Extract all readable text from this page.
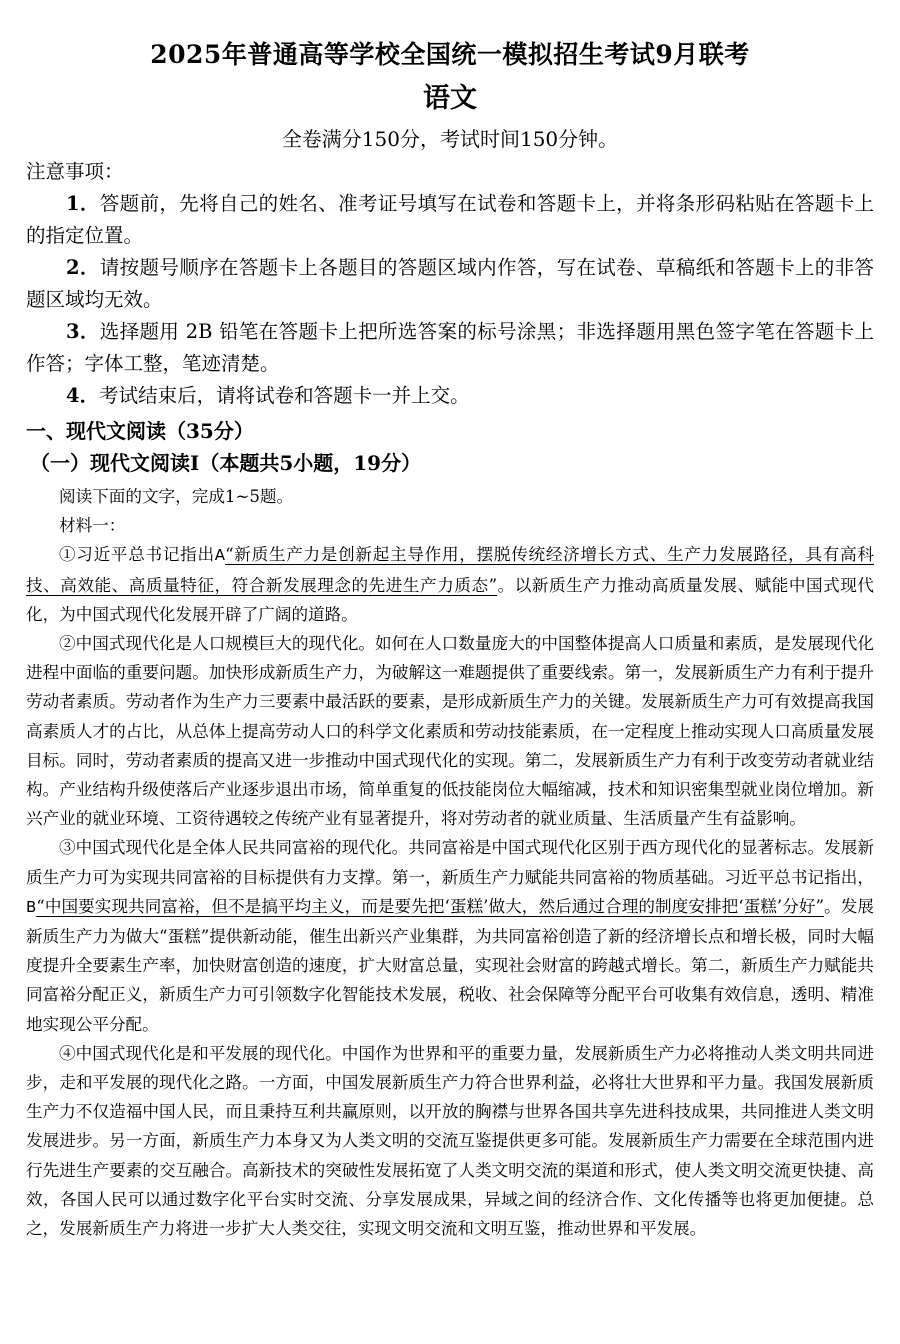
2025年普通高等学校全国统一模拟招生考试9月联考
语文
全卷满分150分，考试时间150分钟。

注意事项：

1．答题前，先将自己的姓名、准考证号填写在试卷和答题卡上，并将条形码粘贴在答题卡上的指定位置。

2．请按题号顺序在答题卡上各题目的答题区域内作答，写在试卷、草稿纸和答题卡上的非答题区域均无效。

3．选择题用 2B 铅笔在答题卡上把所选答案的标号涂黑；非选择题用黑色签字笔在答题卡上作答；字体工整，笔迹清楚。

4．考试结束后，请将试卷和答题卡一并上交。

一、现代文阅读（35分）
（一）现代文阅读Ⅰ（本题共5小题，19分）

阅读下面的文字，完成1~5题。

材料一：

①习近平总书记指出A“新质生产力是创新起主导作用，摆脱传统经济增长方式、生产力发展路径，具有高科技、高效能、高质量特征，符合新发展理念的先进生产力质态”。以新质生产力推动高质量发展、赋能中国式现代化，为中国式现代化发展开辟了广阔的道路。

②中国式现代化是人口规模巨大的现代化。如何在人口数量庞大的中国整体提高人口质量和素质，是发展现代化进程中面临的重要问题。加快形成新质生产力，为破解这一难题提供了重要线索。第一，发展新质生产力有利于提升劳动者素质。劳动者作为生产力三要素中最活跃的要素，是形成新质生产力的关键。发展新质生产力可有效提高我国高素质人才的占比，从总体上提高劳动人口的科学文化素质和劳动技能素质，在一定程度上推动实现人口高质量发展目标。同时，劳动者素质的提高又进一步推动中国式现代化的实现。第二，发展新质生产力有利于改变劳动者就业结构。产业结构升级使落后产业逐步退出市场，简单重复的低技能岗位大幅缩减，技术和知识密集型就业岗位增加。新兴产业的就业环境、工资待遇较之传统产业有显著提升，将对劳动者的就业质量、生活质量产生有益影响。

③中国式现代化是全体人民共同富裕的现代化。共同富裕是中国式现代化区别于西方现代化的显著标志。发展新质生产力可为实现共同富裕的目标提供有力支撑。第一，新质生产力赋能共同富裕的物质基础。习近平总书记指出，B“中国要实现共同富裕，但不是搞平均主义，而是要先把‘蛋糕’做大，然后通过合理的制度安排把‘蛋糕’分好”。发展新质生产力为做大“蛋糕”提供新动能，催生出新兴产业集群，为共同富裕创造了新的经济增长点和增长极，同时大幅度提升全要素生产率，加快财富创造的速度，扩大财富总量，实现社会财富的跨越式增长。第二，新质生产力赋能共同富裕分配正义，新质生产力可引领数字化智能技术发展，税收、社会保障等分配平台可收集有效信息，透明、精准地实现公平分配。

④中国式现代化是和平发展的现代化。中国作为世界和平的重要力量，发展新质生产力必将推动人类文明共同进步，走和平发展的现代化之路。一方面，中国发展新质生产力符合世界利益，必将壮大世界和平力量。我国发展新质生产力不仅造福中国人民，而且秉持互利共赢原则，以开放的胸襟与世界各国共享先进科技成果，共同推进人类文明发展进步。另一方面，新质生产力本身又为人类文明的交流互鉴提供更多可能。发展新质生产力需要在全球范围内进行先进生产要素的交互融合。高新技术的突破性发展拓宽了人类文明交流的渠道和形式，使人类文明交流更快捷、高效，各国人民可以通过数字化平台实时交流、分享发展成果，异域之间的经济合作、文化传播等也将更加便捷。总之，发展新质生产力将进一步扩大人类交往，实现文明交流和文明互鉴，推动世界和平发展。
